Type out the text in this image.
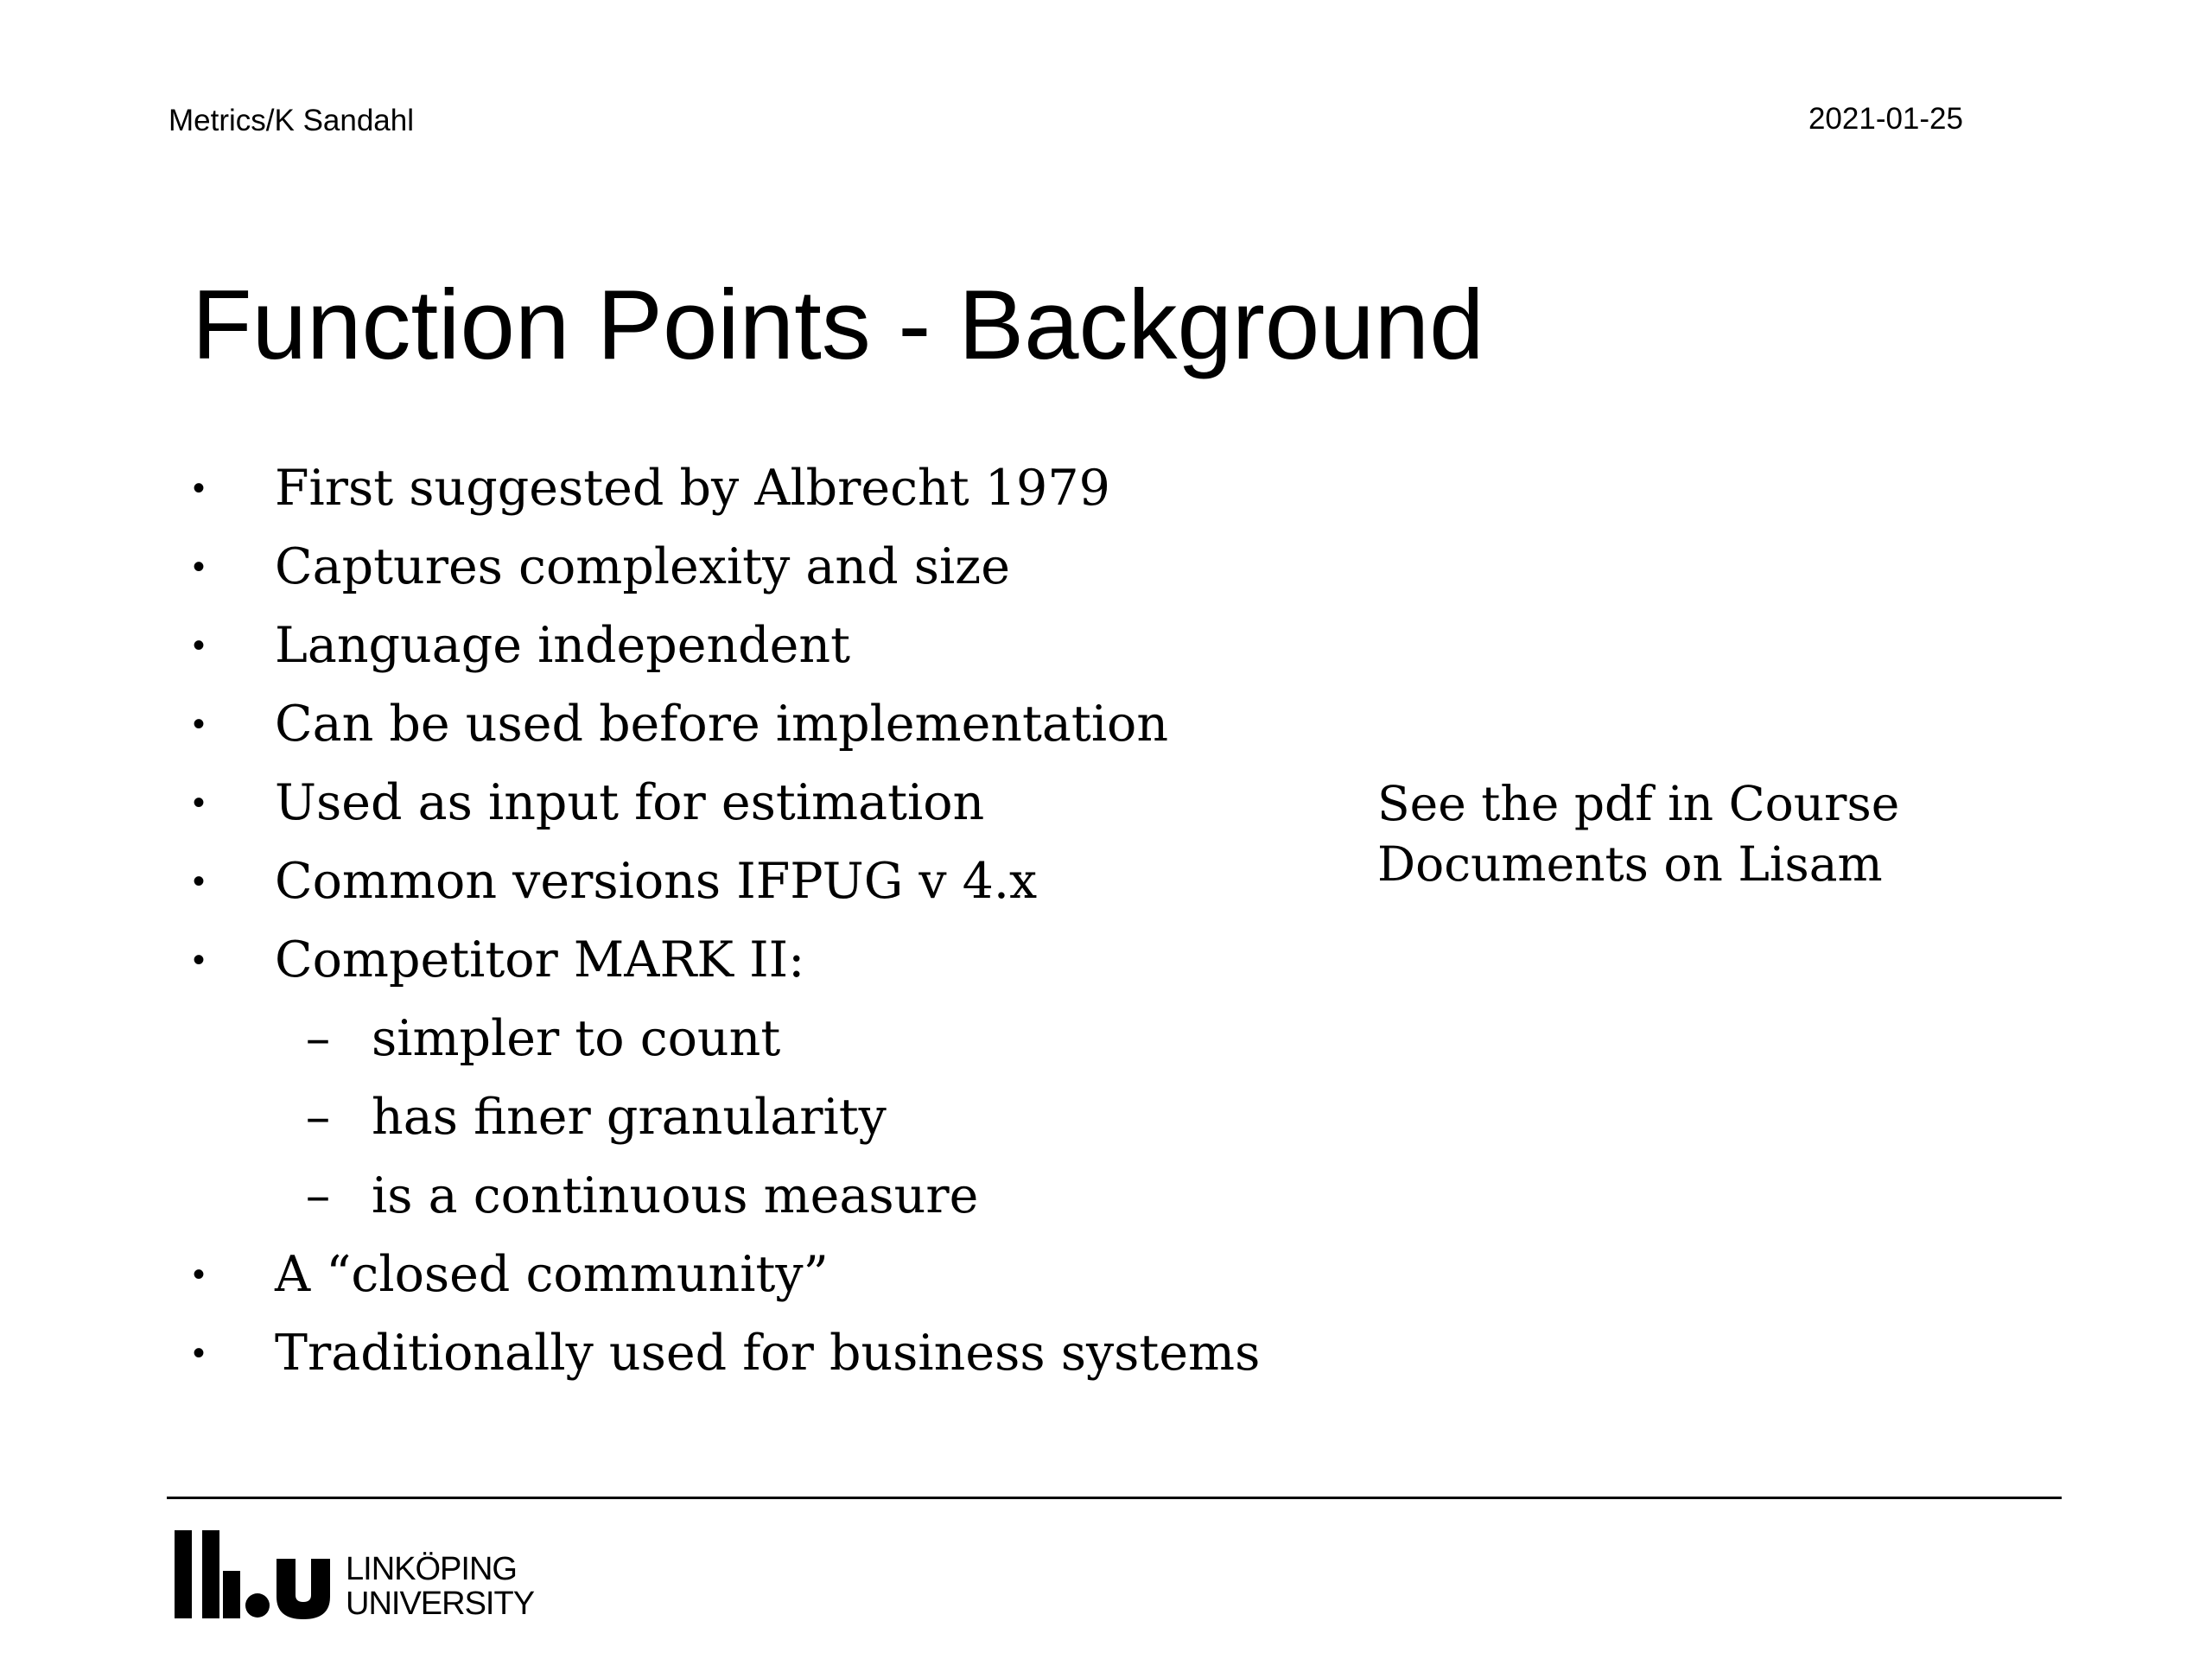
Metrics/K Sandahl	2021-01-25
Function Points - Background
• First suggested by Albrecht 1979
• Captures complexity and size
• Language independent
• Can be used before implementation
• Used as input for estimation
• Common versions IFPUG v 4.x
• Competitor MARK II:
– simpler to count
– has finer granularity
– is a continuous measure
• A “closed community”
• Traditionally used for business systems
See the pdf in Course
Documents on Lisam
LINKÖPING
UNIVERSITY
